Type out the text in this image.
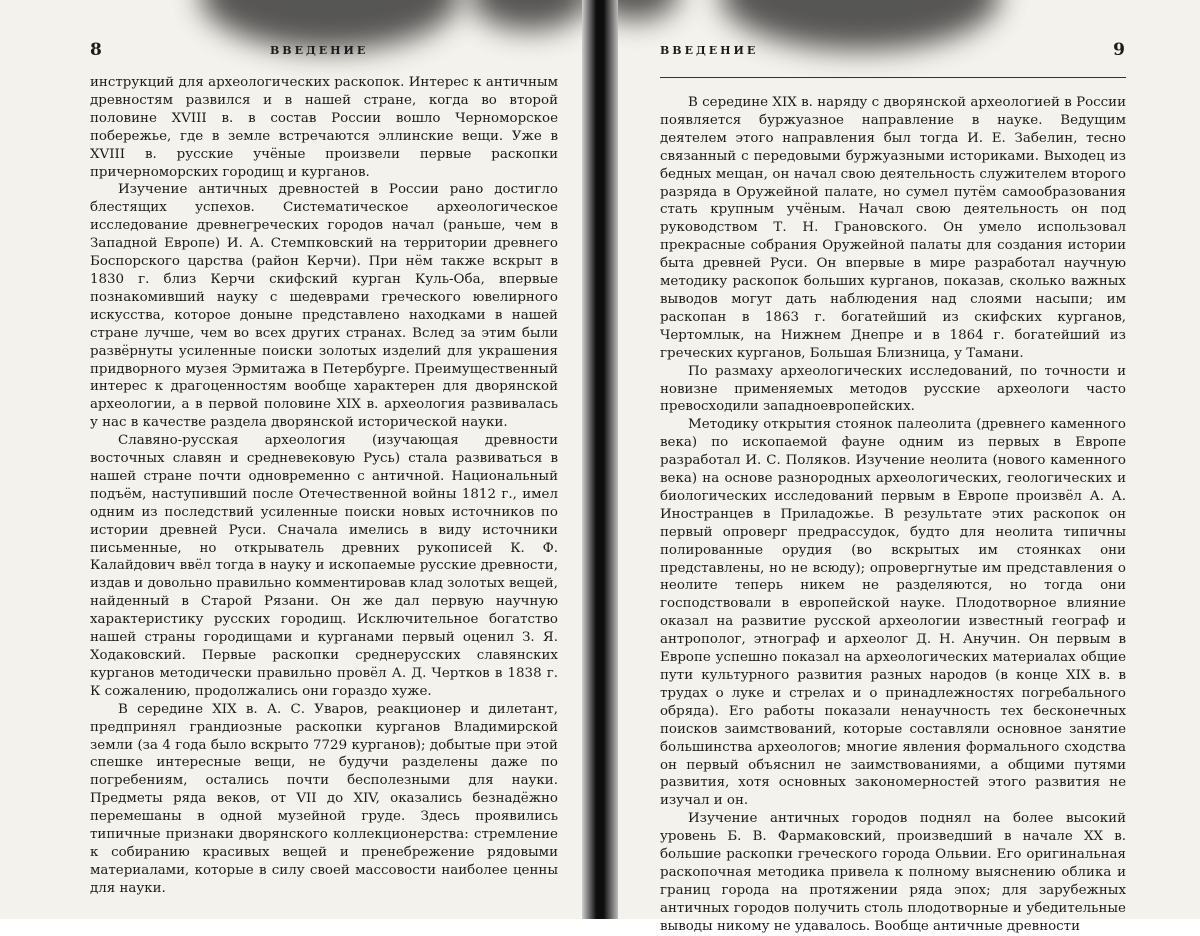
8	ВВЕДЕНИЕ

инструкций для археологических раскопок. Интерес к античным древностям развился и в нашей стране, когда во второй половине XVIII в. в состав России вошло Черноморское побережье, где в земле встречаются эллинские вещи. Уже в XVIII в. русские учёные произвели первые раскопки причерноморских городищ и курганов.

Изучение античных древностей в России рано достигло блестящих успехов. Систематическое археологическое исследование древнегреческих городов начал (раньше, чем в Западной Европе) И. А. Стемпковский на территории древнего Боспорского царства (район Керчи). При нём также вскрыт в 1830 г. близ Керчи скифский курган Куль-Оба, впервые познакомивший науку с шедеврами греческого ювелирного искусства, которое доныне представлено находками в нашей стране лучше, чем во всех других странах. Вслед за этим были развёрнуты усиленные поиски золотых изделий для украшения придворного музея Эрмитажа в Петербурге. Преимущественный интерес к драгоценностям вообще характерен для дворянской археологии, а в первой половине XIX в. археология развивалась у нас в качестве раздела дворянской исторической науки.

Славяно-русская археология (изучающая древности восточных славян и средневековую Русь) стала развиваться в нашей стране почти одновременно с античной. Национальный подъём, наступивший после Отечественной войны 1812 г., имел одним из последствий усиленные поиски новых источников по истории древней Руси. Сначала имелись в виду источники письменные, но открыватель древних рукописей К. Ф. Калайдович ввёл тогда в науку и ископаемые русские древности, издав и довольно правильно комментировав клад золотых вещей, найденный в Старой Рязани. Он же дал первую научную характеристику русских городищ. Исключительное богатство нашей страны городищами и курганами первый оценил З. Я. Ходаковский. Первые раскопки среднерусских славянских курганов методически правильно провёл А. Д. Чертков в 1838 г. К сожалению, продолжались они гораздо хуже.

В середине XIX в. А. С. Уваров, реакционер и дилетант, предпринял грандиозные раскопки курганов Владимирской земли (за 4 года было вскрыто 7729 курганов); добытые при этой спешке интересные вещи, не будучи разделены даже по погребениям, остались почти бесполезными для науки. Предметы ряда веков, от VII до XIV, оказались безнадёжно перемешаны в одной музейной груде. Здесь проявились типичные признаки дворянского коллекционерства: стремление к собиранию красивых вещей и пренебрежение рядовыми материалами, которые в силу своей массовости наиболее ценны для науки.

ВВЕДЕНИЕ	9

В середине XIX в. наряду с дворянской археологией в России появляется буржуазное направление в науке. Ведущим деятелем этого направления был тогда И. Е. Забелин, тесно связанный с передовыми буржуазными историками. Выходец из бедных мещан, он начал свою деятельность служителем второго разряда в Оружейной палате, но сумел путём самообразования стать крупным учёным. Начал свою деятельность он под руководством Т. Н. Грановского. Он умело использовал прекрасные собрания Оружейной палаты для создания истории быта древней Руси. Он впервые в мире разработал научную методику раскопок больших курганов, показав, сколько важных выводов могут дать наблюдения над слоями насыпи; им раскопан в 1863 г. богатейший из скифских курганов, Чертомлык, на Нижнем Днепре и в 1864 г. богатейший из греческих курганов, Большая Близница, у Тамани.

По размаху археологических исследований, по точности и новизне применяемых методов русские археологи часто превосходили западноевропейских.

Методику открытия стоянок палеолита (древнего каменного века) по ископаемой фауне одним из первых в Европе разработал И. С. Поляков. Изучение неолита (нового каменного века) на основе разнородных археологических, геологических и биологических исследований первым в Европе произвёл А. А. Иностранцев в Приладожье. В результате этих раскопок он первый опроверг предрассудок, будто для неолита типичны полированные орудия (во вскрытых им стоянках они представлены, но не всюду); опровергнутые им представления о неолите теперь никем не разделяются, но тогда они господствовали в европейской науке. Плодотворное влияние оказал на развитие русской археологии известный географ и антрополог, этнограф и археолог Д. Н. Анучин. Он первым в Европе успешно показал на археологических материалах общие пути культурного развития разных народов (в конце XIX в. в трудах о луке и стрелах и о принадлежностях погребального обряда). Его работы показали ненаучность тех бесконечных поисков заимствований, которые составляли основное занятие большинства археологов; многие явления формального сходства он первый объяснил не заимствованиями, а общими путями развития, хотя основных закономерностей этого развития не изучал и он.

Изучение античных городов поднял на более высокий уровень Б. В. Фармаковский, произведший в начале XX в. большие раскопки греческого города Ольвии. Его оригинальная раскопочная методика привела к полному выяснению облика и границ города на протяжении ряда эпох; для зарубежных античных городов получить столь плодотворные и убедительные выводы никому не удавалось. Вообще античные древности
